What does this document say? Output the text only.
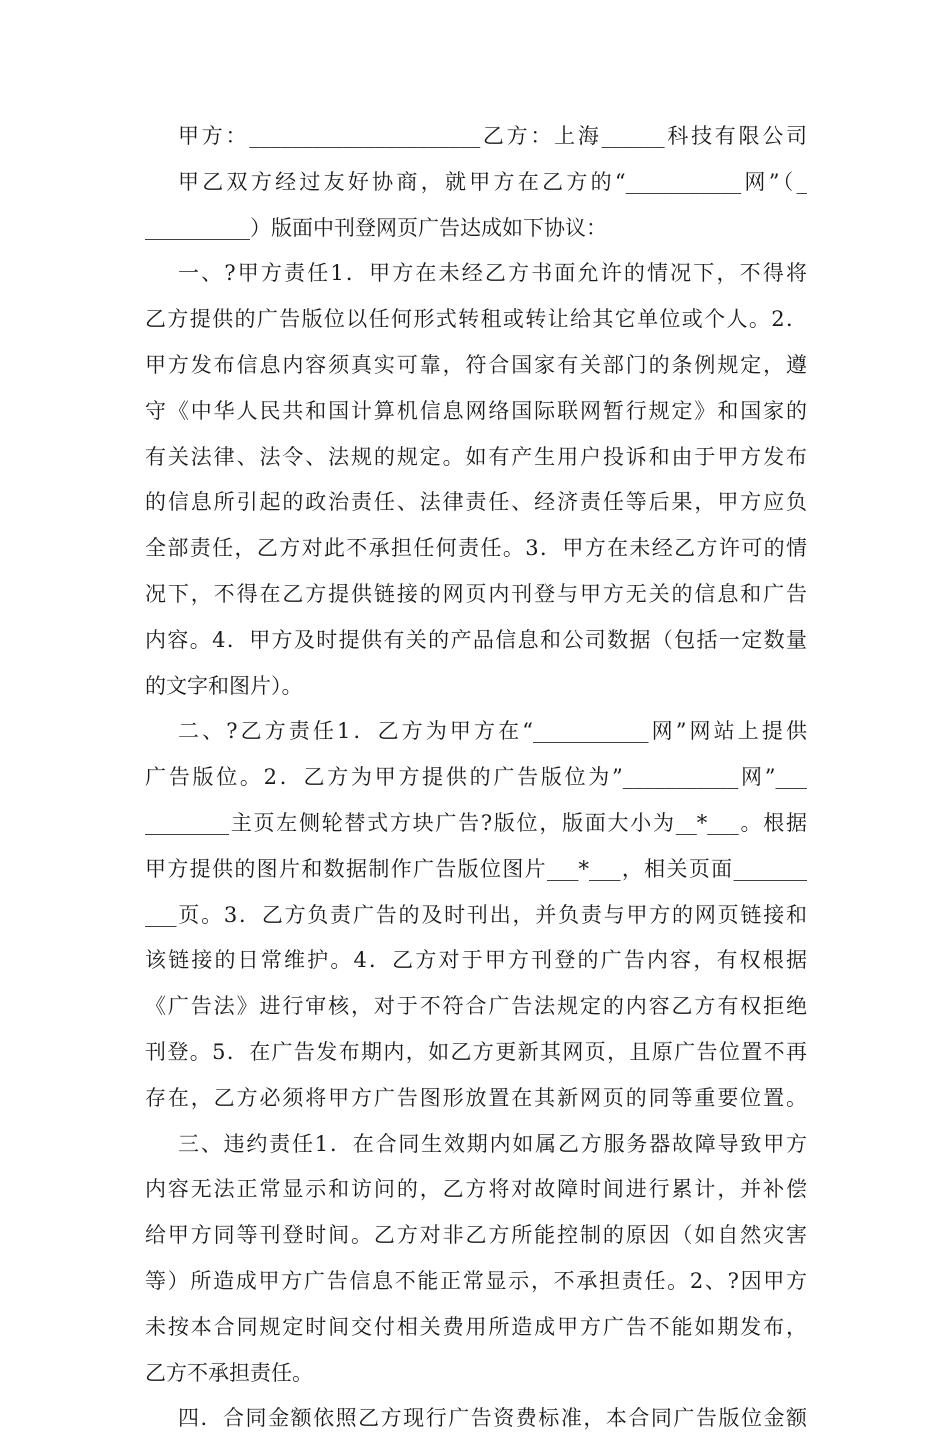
甲方：______________________乙方：上海______科技有限公司
甲乙双方经过友好协商，就甲方在乙方的“___________网”（_
__________）版面中刊登网页广告达成如下协议：
一、?甲方责任1．甲方在未经乙方书面允许的情况下，不得将
乙方提供的广告版位以任何形式转租或转让给其它单位或个人。2．
甲方发布信息内容须真实可靠，符合国家有关部门的条例规定，遵
守《中华人民共和国计算机信息网络国际联网暂行规定》和国家的
有关法律、法令、法规的规定。如有产生用户投诉和由于甲方发布
的信息所引起的政治责任、法律责任、经济责任等后果，甲方应负
全部责任，乙方对此不承担任何责任。3．甲方在未经乙方许可的情
况下，不得在乙方提供链接的网页内刊登与甲方无关的信息和广告
内容。4．甲方及时提供有关的产品信息和公司数据（包括一定数量
的文字和图片）。
二、?乙方责任1．乙方为甲方在“___________网”网站上提供
广告版位。2．乙方为甲方提供的广告版位为”___________网”___
________主页左侧轮替式方块广告?版位，版面大小为__*___。根据
甲方提供的图片和数据制作广告版位图片___*___，相关页面_______
___页。3．乙方负责广告的及时刊出，并负责与甲方的网页链接和
该链接的日常维护。4．乙方对于甲方刊登的广告内容，有权根据
《广告法》进行审核，对于不符合广告法规定的内容乙方有权拒绝
刊登。5．在广告发布期内，如乙方更新其网页，且原广告位置不再
存在，乙方必须将甲方广告图形放置在其新网页的同等重要位置。
三、违约责任1．在合同生效期内如属乙方服务器故障导致甲方
内容无法正常显示和访问的，乙方将对故障时间进行累计，并补偿
给甲方同等刊登时间。乙方对非乙方所能控制的原因（如自然灾害
等）所造成甲方广告信息不能正常显示，不承担责任。2、?因甲方
未按本合同规定时间交付相关费用所造成甲方广告不能如期发布，
乙方不承担责任。
四．合同金额依照乙方现行广告资费标准，本合同广告版位金额
